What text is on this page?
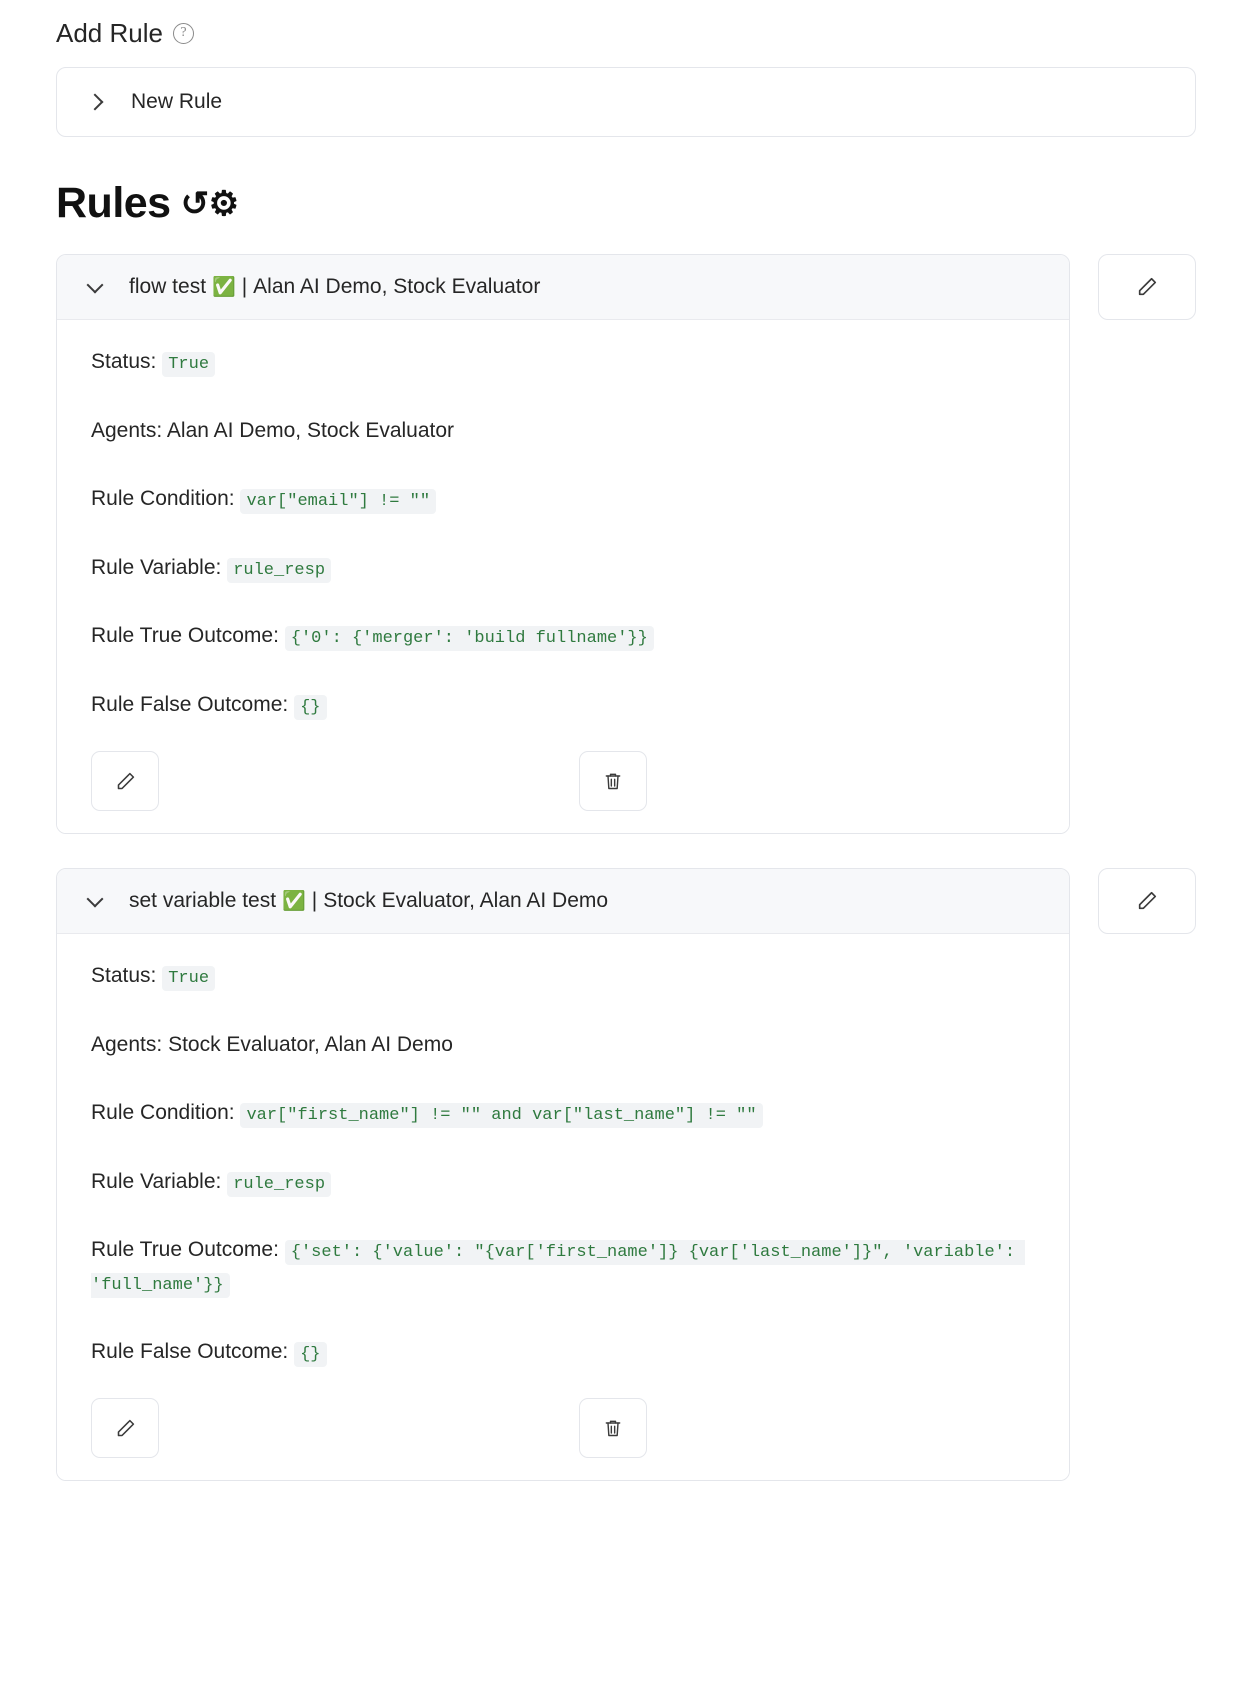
Add Rule	?
New Rule
Rules ↺⚙
flow test ✅ | Alan AI Demo, Stock Evaluator

Status: True

Agents: Alan AI Demo, Stock Evaluator

Rule Condition: var["email"] != ""

Rule Variable: rule_resp

Rule True Outcome: {'0': {'merger': 'build fullname'}}

Rule False Outcome: {}

set variable test ✅ | Stock Evaluator, Alan AI Demo

Status: True

Agents: Stock Evaluator, Alan AI Demo

Rule Condition: var["first_name"] != "" and var["last_name"] != ""

Rule Variable: rule_resp

Rule True Outcome: {'set': {'value': "{var['first_name']} {var['last_name']}", 'variable': 'full_name'}}

Rule False Outcome: {}
